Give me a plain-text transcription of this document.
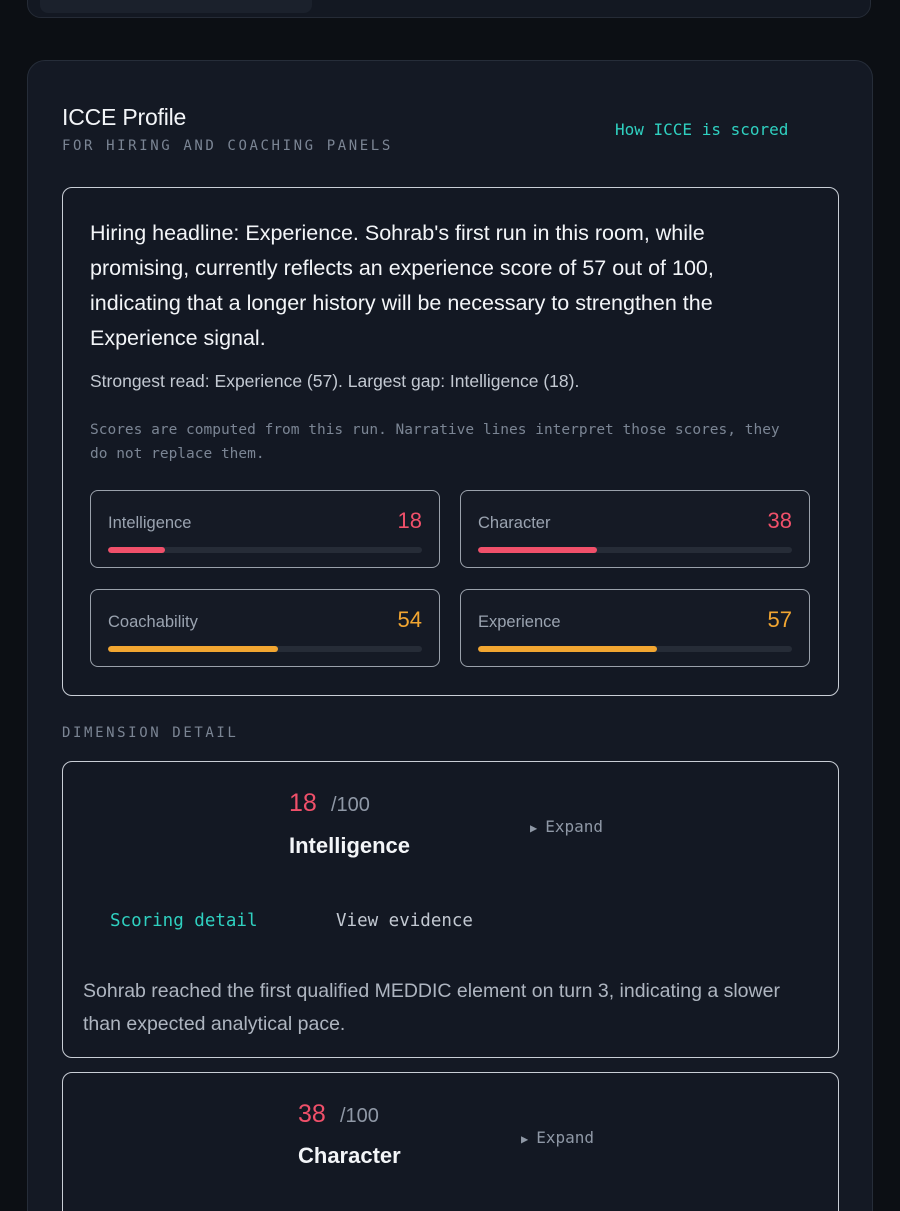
ICCE Profile
FOR HIRING AND COACHING PANELS
How ICCE is scored
Hiring headline: Experience. Sohrab's first run in this room, while promising, currently reflects an experience score of 57 out of 100, indicating that a longer history will be necessary to strengthen the Experience signal.
Strongest read: Experience (57). Largest gap: Intelligence (18).
Scores are computed from this run. Narrative lines interpret those scores, they do not replace them.
Intelligence	18	Character	38
Coachability	54	Experience	57
DIMENSION DETAIL
18 /100
Intelligence
▶ Expand
Scoring detail	View evidence
Sohrab reached the first qualified MEDDIC element on turn 3, indicating a slower than expected analytical pace.
38 /100
Character
▶ Expand
